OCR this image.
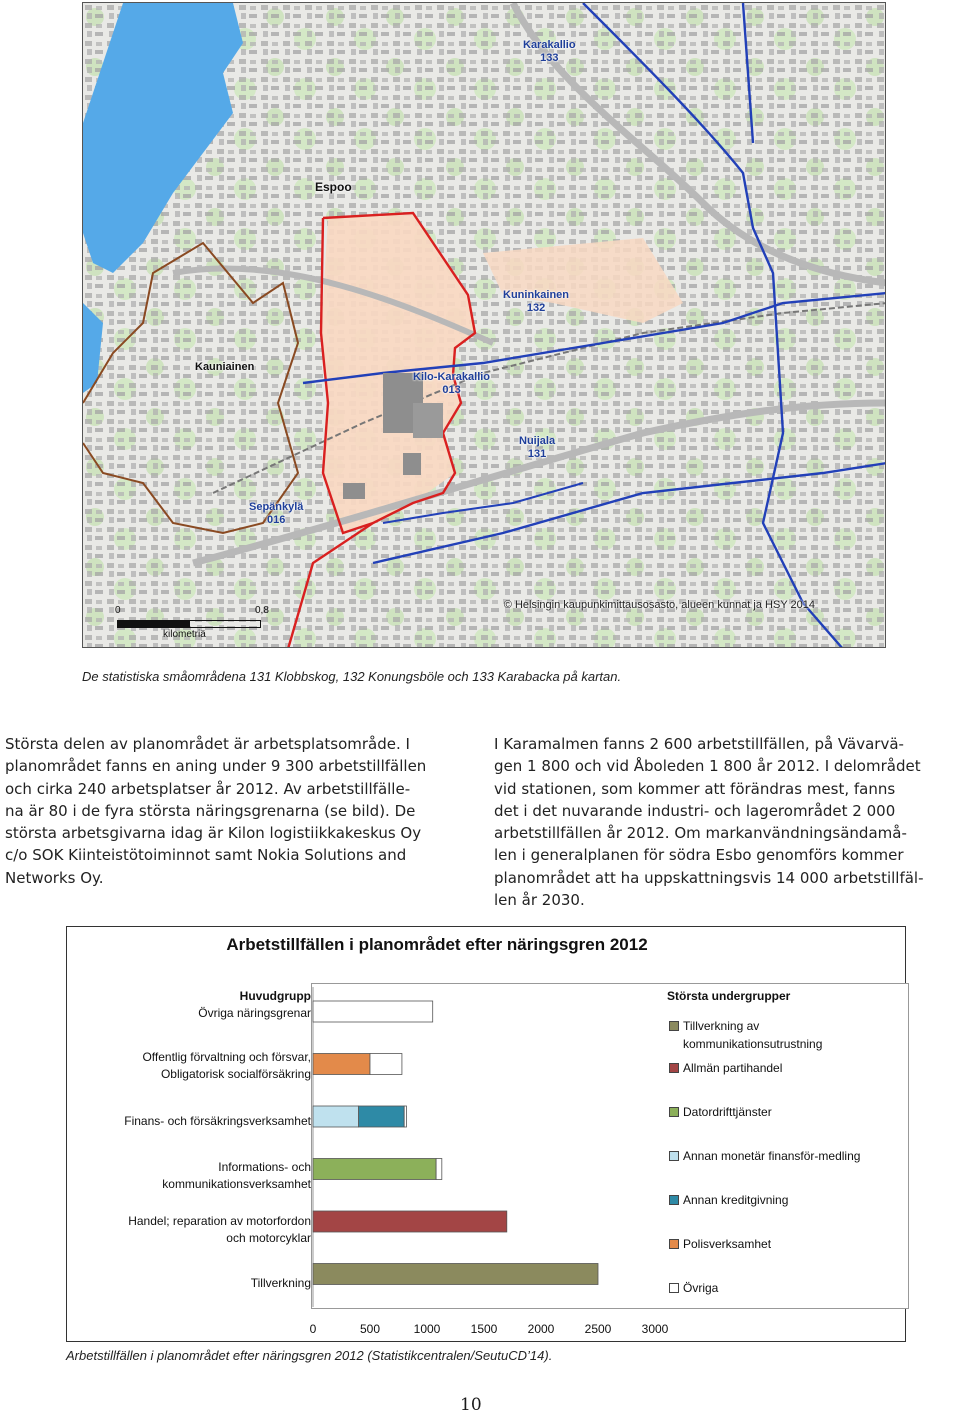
Karakallio
133
Espoo
Kuninkainen
132
Kauniainen
Kilo-Karakallio
013
Nuijala
131
Sepänkylä
016
0	0,8
kilometriä
© Helsingin kaupunkimittausosasto, alueen kunnat ja HSY 2014
De statistiska småområdena 131 Klobbskog, 132 Konungsböle och 133 Karabacka på kartan.

Största delen av planområdet är arbetsplatsområde. I
planområdet fanns en aning under 9 300 arbetstillfällen
och cirka 240 arbetsplatser år 2012. Av arbetstillfälle-
na är 80 i de fyra största näringsgrenarna (se bild). De
största arbetsgivarna idag är Kilon logistiikkakeskus Oy
c/o SOK Kiinteistötoiminnot samt Nokia Solutions and
Networks Oy.

I Karamalmen fanns 2 600 arbetstillfällen, på Vävarvä-
gen 1 800 och vid Åboleden 1 800 år 2012. I delområdet
vid stationen, som kommer att förändras mest, fanns
det i det nuvarande industri- och lagerområdet 2 000
arbetstillfällen år 2012. Om markanvändningsändamå-
len i generalplanen för södra Esbo genomförs kommer
planområdet att ha uppskattningsvis 14 000 arbetstillfäl-
len år 2030.

Arbetstillfällen i planområdet efter näringsgren 2012
Huvudgrupp
Övriga näringsgrenar
Offentlig förvaltning och försvar,
Obligatorisk socialförsäkring
Finans- och försäkringsverksamhet
Informations- och
kommunikationsverksamhet
Handel; reparation av motorfordon
och motorcyklar
Tillverkning
0	500	1000	1500	2000	2500	3000
Största undergrupper
Tillverkning av
kommunikationsutrustning
Allmän partihandel
Datordrifttjänster
Annan monetär finansför-medling
Annan kreditgivning
Polisverksamhet
Övriga
Arbetstillfällen i planområdet efter näringsgren 2012 (Statistikcentralen/SeutuCD’14).
10
